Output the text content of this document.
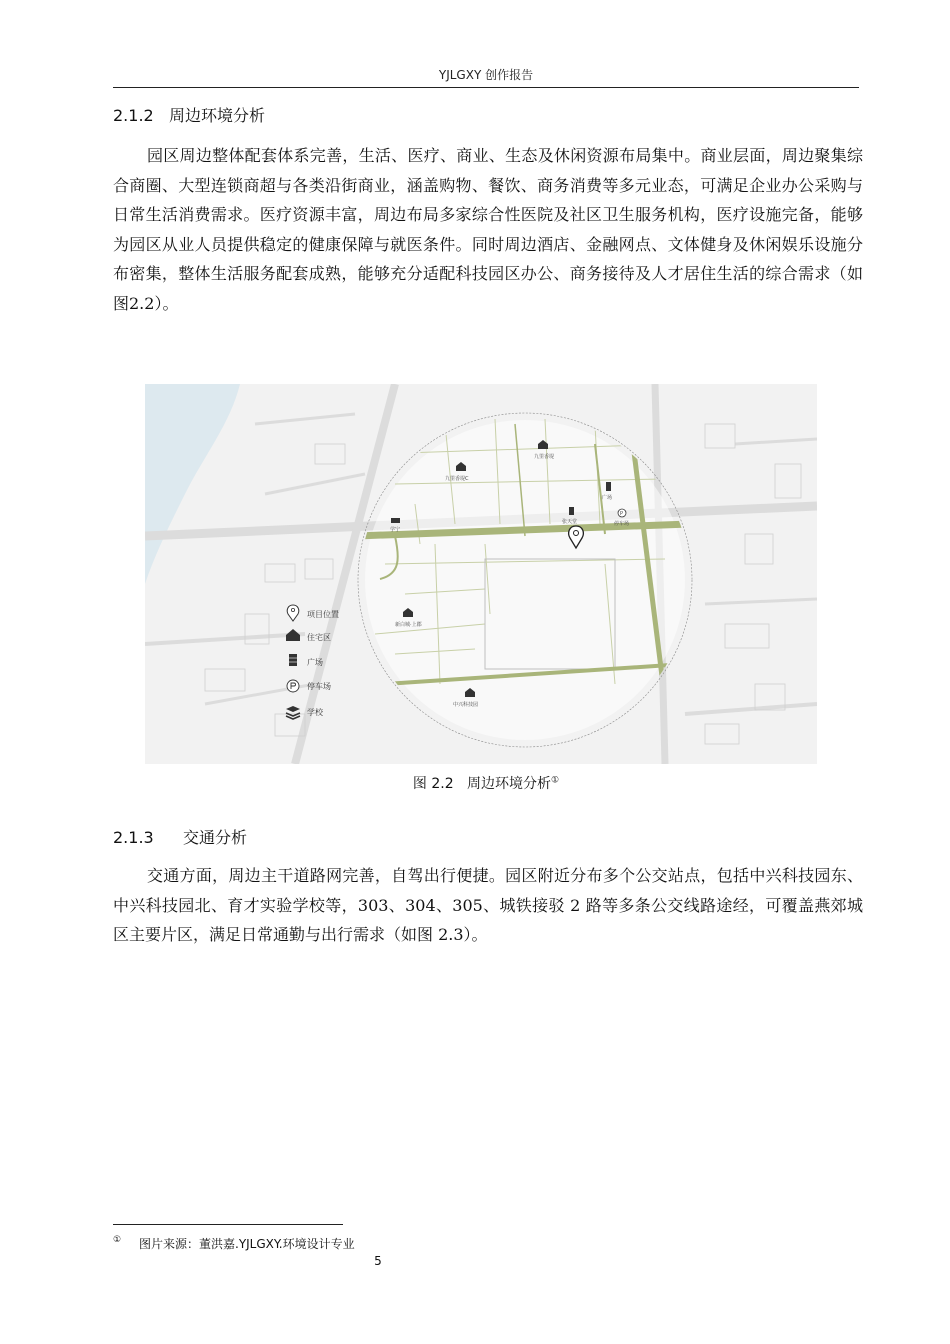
YJLGXY 创作报告
2.1.2 周边环境分析
园区周边整体配套体系完善，生活、医疗、商业、生态及休闲资源布局集中。商业层面，周边聚集综合商圈、大型连锁商超与各类沿街商业，涵盖购物、餐饮、商务消费等多元业态，可满足企业办公采购与日常生活消费需求。医疗资源丰富，周边布局多家综合性医院及社区卫生服务机构，医疗设施完备，能够为园区从业人员提供稳定的健康保障与就医条件。同时周边酒店、金融网点、文体健身及休闲娱乐设施分布密集，整体生活服务配套成熟，能够充分适配科技园区办公、商务接待及人才居住生活的综合需求（如图2.2）。
九里香堤C
九里香堤
广场
学宁
张天堂
P
停车场
新白城·上郡
中兴科技园
项目位置
住宅区
广场
停车场
学校
图 2.2 周边环境分析①
2.1.3 交通分析
交通方面，周边主干道路网完善，自驾出行便捷。园区附近分布多个公交站点，包括中兴科技园东、中兴科技园北、育才实验学校等，303、304、305、城铁接驳 2 路等多条公交线路途经，可覆盖燕郊城区主要片区，满足日常通勤与出行需求（如图 2.3）。
① 图片来源：董洪嘉.YJLGXY.环境设计专业
5
